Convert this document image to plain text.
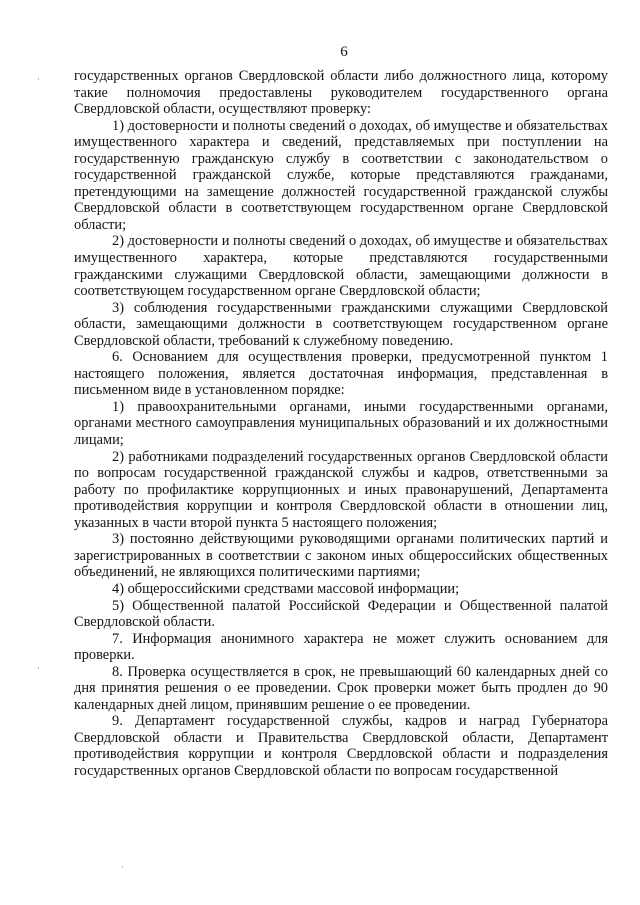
6

государственных органов Свердловской области либо должностного лица, которому такие полномочия предоставлены руководителем государственного органа Свердловской области, осуществляют проверку:

1) достоверности и полноты сведений о доходах, об имуществе и обязательствах имущественного характера и сведений, представляемых при поступлении на государственную гражданскую службу в соответствии с законодательством о государственной гражданской службе, которые представляются гражданами, претендующими на замещение должностей государственной гражданской службы Свердловской области в соответствующем государственном органе Свердловской области;

2) достоверности и полноты сведений о доходах, об имуществе и обязательствах имущественного характера, которые представляются государственными гражданскими служащими Свердловской области, замещающими должности в соответствующем государственном органе Свердловской области;

3) соблюдения государственными гражданскими служащими Свердловской области, замещающими должности в соответствующем государственном органе Свердловской области, требований к служебному поведению.

6. Основанием для осуществления проверки, предусмотренной пунктом 1 настоящего положения, является достаточная информация, представленная в письменном виде в установленном порядке:

1) правоохранительными органами, иными государственными органами, органами местного самоуправления муниципальных образований и их должностными лицами;

2) работниками подразделений государственных органов Свердловской области по вопросам государственной гражданской службы и кадров, ответственными за работу по профилактике коррупционных и иных правонарушений, Департамента противодействия коррупции и контроля Свердловской области в отношении лиц, указанных в части второй пункта 5 настоящего положения;

3) постоянно действующими руководящими органами политических партий и зарегистрированных в соответствии с законом иных общероссийских общественных объединений, не являющихся политическими партиями;

4) общероссийскими средствами массовой информации;

5) Общественной палатой Российской Федерации и Общественной палатой Свердловской области.

7. Информация анонимного характера не может служить основанием для проверки.

8. Проверка осуществляется в срок, не превышающий 60 календарных дней со дня принятия решения о ее проведении. Срок проверки может быть продлен до 90 календарных дней лицом, принявшим решение о ее проведении.

9. Департамент государственной службы, кадров и наград Губернатора Свердловской области и Правительства Свердловской области, Департамент противодействия коррупции и контроля Свердловской области и подразделения государственных органов Свердловской области по вопросам государственной
